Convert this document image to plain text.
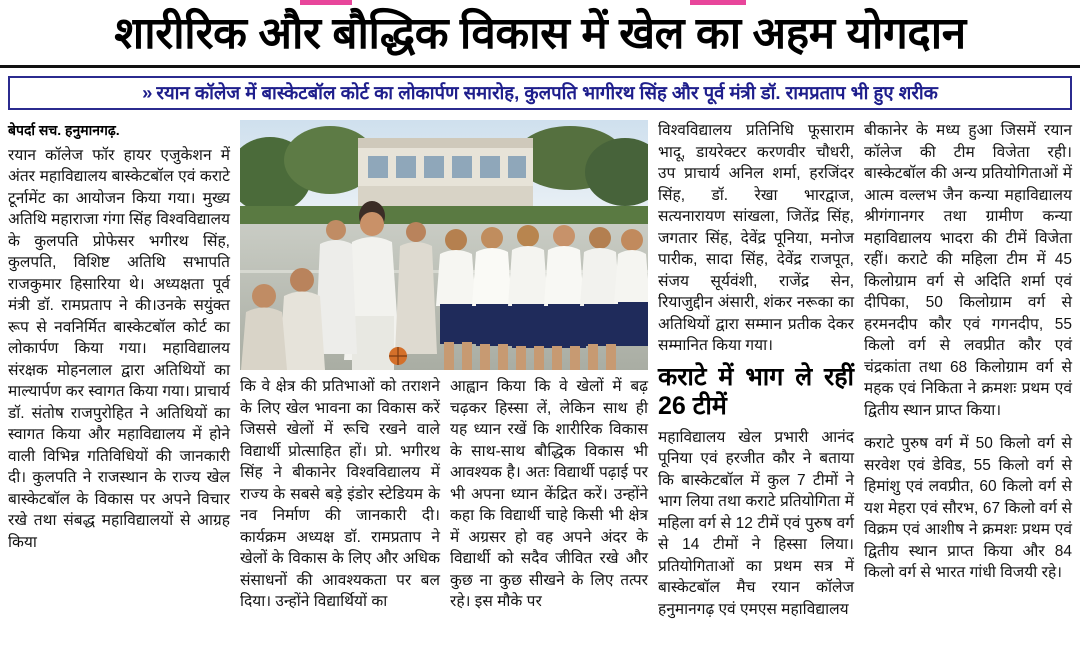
शारीरिक और बौद्धिक विकास में खेल का अहम योगदान
» रयान कॉलेज में बास्केटबॉल कोर्ट का लोकार्पण समारोह, कुलपति भागीरथ सिंह और पूर्व मंत्री डॉ. रामप्रताप भी हुए शरीक
बेपर्दा सच. हनुमानगढ़.

रयान कॉलेज फॉर हायर एजुकेशन में अंतर महाविद्यालय बास्केटबॉल एवं कराटे टूर्नामेंट का आयोजन किया गया। मुख्य अतिथि महाराजा गंगा सिंह विश्वविद्यालय के कुलपति प्रोफेसर भगीरथ सिंह, कुलपति, विशिष्ट अतिथि सभापति राजकुमार हिसारिया थे। अध्यक्षता पूर्व मंत्री डॉ. रामप्रताप ने की।उनके सयुंक्त रूप से नवनिर्मित बास्केटबॉल कोर्ट का लोकार्पण किया गया। महाविद्यालय संरक्षक मोहनलाल द्वारा अतिथियों का माल्यार्पण कर स्वागत किया गया। प्राचार्य डॉ. संतोष राजपुरोहित ने अतिथियों का स्वागत किया और महाविद्यालय में होने वाली विभिन्न गतिविधियों की जानकारी दी। कुलपति ने राजस्थान के राज्य खेल बास्केटबॉल के विकास पर अपने विचार रखे तथा संबद्ध महाविद्यालयों से आग्रह किया

कि वे क्षेत्र की प्रतिभाओं को तराशने के लिए खेल भावना का विकास करें जिससे खेलों में रूचि रखने वाले विद्यार्थी प्रोत्साहित हों। प्रो. भगीरथ सिंह ने बीकानेर विश्वविद्यालय में राज्य के सबसे बड़े इंडोर स्टेडियम के नव निर्माण की जानकारी दी। कार्यक्रम अध्यक्ष डॉ. रामप्रताप ने खेलों के विकास के लिए और अधिक संसाधनों की आवश्यकता पर बल दिया। उन्होंने विद्यार्थियों का

आह्वान किया कि वे खेलों में बढ़ चढ़कर हिस्सा लें, लेकिन साथ ही यह ध्यान रखें कि शारीरिक विकास के साथ-साथ बौद्धिक विकास भी आवश्यक है। अतः विद्यार्थी पढ़ाई पर भी अपना ध्यान केंद्रित करें। उन्होंने कहा कि विद्यार्थी चाहे किसी भी क्षेत्र में अग्रसर हो वह अपने अंदर के विद्यार्थी को सदैव जीवित रखे और कुछ ना कुछ सीखने के लिए तत्पर रहे। इस मौके पर

विश्वविद्यालय प्रतिनिधि फूसाराम भादू, डायरेक्टर करणवीर चौधरी, उप प्राचार्य अनिल शर्मा, हरजिंदर सिंह, डॉ. रेखा भारद्वाज, सत्यनारायण सांखला, जितेंद्र सिंह, जगतार सिंह, देवेंद्र पूनिया, मनोज पारीक, सादा सिंह, देवेंद्र राजपूत, संजय सूर्यवंशी, राजेंद्र सेन, रियाजुद्दीन अंसारी, शंकर नरूका का अतिथियों द्वारा सम्मान प्रतीक देकर सम्मानित किया गया।

कराटे में भाग ले रहीं 26 टीमें

महाविद्यालय खेल प्रभारी आनंद पूनिया एवं हरजीत कौर ने बताया कि बास्केटबॉल में कुल 7 टीमों ने भाग लिया तथा कराटे प्रतियोगिता में महिला वर्ग से 12 टीमें एवं पुरुष वर्ग से 14 टीमों ने हिस्सा लिया। प्रतियोगिताओं का प्रथम सत्र में बास्केटबॉल मैच रयान कॉलेज हनुमानगढ़ एवं एमएस महाविद्यालय

बीकानेर के मध्य हुआ जिसमें रयान कॉलेज की टीम विजेता रही। बास्केटबॉल की अन्य प्रतियोगिताओं में आत्म वल्लभ जैन कन्या महाविद्यालय श्रीगंगानगर तथा ग्रामीण कन्या महाविद्यालय भादरा की टीमें विजेता रहीं। कराटे की महिला टीम में 45 किलोग्राम वर्ग से अदिति शर्मा एवं दीपिका, 50 किलोग्राम वर्ग से हरमनदीप कौर एवं गगनदीप, 55 किलो वर्ग से लवप्रीत कौर एवं चंद्रकांता तथा 68 किलोग्राम वर्ग से महक एवं निकिता ने क्रमशः प्रथम एवं द्वितीय स्थान प्राप्त किया।

कराटे पुरुष वर्ग में 50 किलो वर्ग से सरवेश एवं डेविड, 55 किलो वर्ग से हिमांशु एवं लवप्रीत, 60 किलो वर्ग से यश मेहरा एवं सौरभ, 67 किलो वर्ग से विक्रम एवं आशीष ने क्रमशः प्रथम एवं द्वितीय स्थान प्राप्त किया और 84 किलो वर्ग से भारत गांधी विजयी रहे।
